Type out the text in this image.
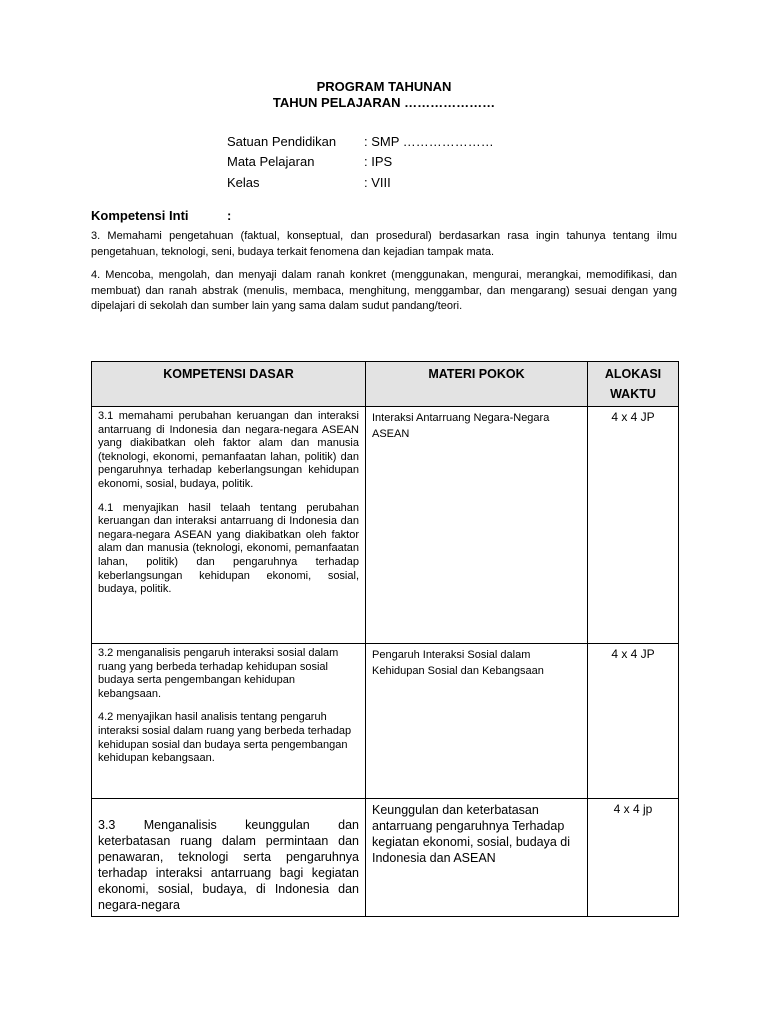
PROGRAM TAHUNAN
TAHUN PELAJARAN …………………
Satuan Pendidikan : SMP …………………
Mata Pelajaran	: IPS
Kelas	: VIII
Kompetensi Inti	:
3. Memahami pengetahuan (faktual, konseptual, dan prosedural) berdasarkan rasa ingin tahunya tentang ilmu pengetahuan, teknologi, seni, budaya terkait fenomena dan kejadian tampak mata.
4. Mencoba, mengolah, dan menyaji dalam ranah konkret (menggunakan, mengurai, merangkai, memodifikasi, dan membuat) dan ranah abstrak (menulis, membaca, menghitung, menggambar, dan mengarang) sesuai dengan yang dipelajari di sekolah dan sumber lain yang sama dalam sudut pandang/teori.
KOMPETENSI DASAR	MATERI POKOK	ALOKASI
WAKTU

3.1 memahami perubahan keruangan dan interaksi antarruang di Indonesia dan negara-negara ASEAN yang diakibatkan oleh faktor alam dan manusia (teknologi, ekonomi, pemanfaatan lahan, politik) dan pengaruhnya terhadap keberlangsungan kehidupan ekonomi, sosial, budaya, politik.

4.1 menyajikan hasil telaah tentang perubahan keruangan dan interaksi antarruang di Indonesia dan negara-negara ASEAN yang diakibatkan oleh faktor alam dan manusia (teknologi, ekonomi, pemanfaatan lahan, politik) dan pengaruhnya terhadap keberlangsungan kehidupan ekonomi, sosial, budaya, politik.	Interaksi Antarruang Negara-Negara ASEAN	4 x 4 JP

3.2 menganalisis pengaruh interaksi sosial dalam ruang yang berbeda terhadap kehidupan sosial budaya serta pengembangan kehidupan kebangsaan.

4.2 menyajikan hasil analisis tentang pengaruh interaksi sosial dalam ruang yang berbeda terhadap kehidupan sosial dan budaya serta pengembangan kehidupan kebangsaan.	Pengaruh Interaksi Sosial dalam Kehidupan Sosial dan Kebangsaan	4 x 4 JP

3.3 Menganalisis keunggulan dan keterbatasan ruang dalam permintaan dan penawaran, teknologi serta pengaruhnya terhadap interaksi antarruang bagi kegiatan ekonomi, sosial, budaya, di Indonesia dan negara-negara	Keunggulan dan keterbatasan antarruang pengaruhnya Terhadap kegiatan ekonomi, sosial, budaya di Indonesia dan ASEAN	4 x 4 jp
